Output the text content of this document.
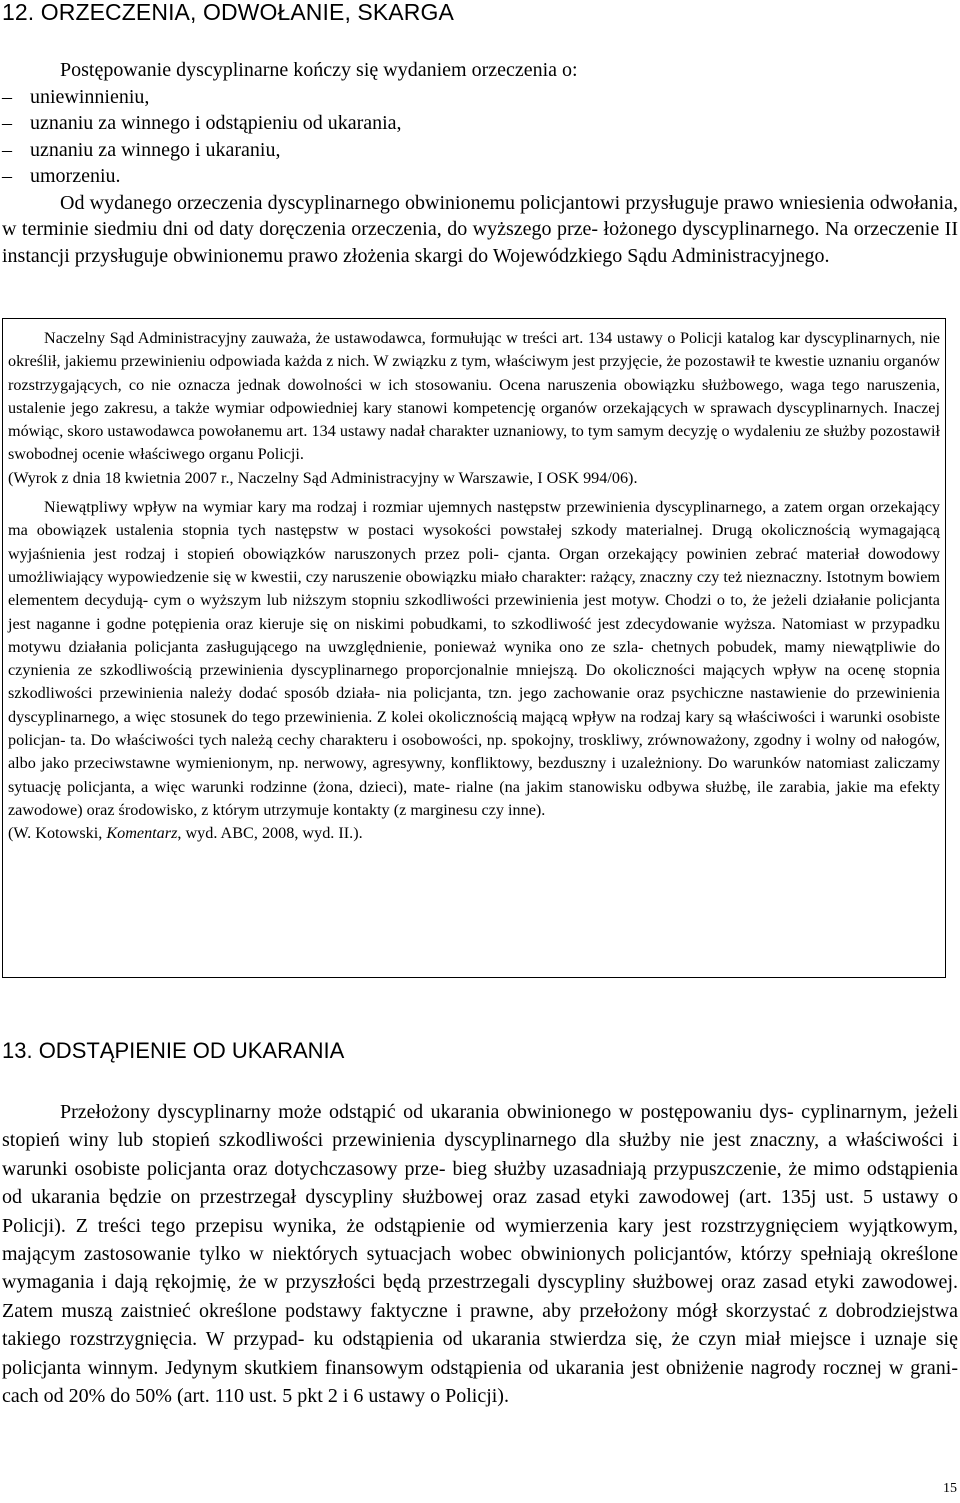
12. ORZECZENIA, ODWOŁANIE, SKARGA

Postępowanie dyscyplinarne kończy się wydaniem orzeczenia o:

– uniewinnieniu,
– uznaniu za winnego i odstąpieniu od ukarania,
– uznaniu za winnego i ukaraniu,
– umorzeniu.

Od wydanego orzeczenia dyscyplinarnego obwinionemu policjantowi przysługuje prawo wniesienia odwołania, w terminie siedmiu dni od daty doręczenia orzeczenia, do wyższego prze- łożonego dyscyplinarnego. Na orzeczenie II instancji przysługuje obwinionemu prawo złożenia skargi do Wojewódzkiego Sądu Administracyjnego.

Naczelny Sąd Administracyjny zauważa, że ustawodawca, formułując w treści art. 134 ustawy o Policji katalog kar dyscyplinarnych, nie określił, jakiemu przewinieniu odpowiada każda z nich. W związku z tym, właściwym jest przyjęcie, że pozostawił te kwestie uznaniu organów rozstrzygających, co nie oznacza jednak dowolności w ich stosowaniu. Ocena naruszenia obowiązku służbowego, waga tego naruszenia, ustalenie jego zakresu, a także wymiar odpowiedniej kary stanowi kompetencję organów orzekających w sprawach dyscyplinarnych. Inaczej mówiąc, skoro ustawodawca powołanemu art. 134 ustawy nadał charakter uznaniowy, to tym samym decyzję o wydaleniu ze służby pozostawił swobodnej ocenie właściwego organu Policji.

(Wyrok z dnia 18 kwietnia 2007 r., Naczelny Sąd Administracyjny w Warszawie, I OSK 994/06).

Niewątpliwy wpływ na wymiar kary ma rodzaj i rozmiar ujemnych następstw przewinienia dyscyplinarnego, a zatem organ orzekający ma obowiązek ustalenia stopnia tych następstw w postaci wysokości powstałej szkody materialnej. Drugą okolicznością wymagającą wyjaśnienia jest rodzaj i stopień obowiązków naruszonych przez poli- cjanta. Organ orzekający powinien zebrać materiał dowodowy umożliwiający wypowiedzenie się w kwestii, czy naruszenie obowiązku miało charakter: rażący, znaczny czy też nieznaczny. Istotnym bowiem elementem decydują- cym o wyższym lub niższym stopniu szkodliwości przewinienia jest motyw. Chodzi o to, że jeżeli działanie policjanta jest naganne i godne potępienia oraz kieruje się on niskimi pobudkami, to szkodliwość jest zdecydowanie wyższa. Natomiast w przypadku motywu działania policjanta zasługującego na uwzględnienie, ponieważ wynika ono ze szla- chetnych pobudek, mamy niewątpliwie do czynienia ze szkodliwością przewinienia dyscyplinarnego proporcjonalnie mniejszą. Do okoliczności mających wpływ na ocenę stopnia szkodliwości przewinienia należy dodać sposób działa- nia policjanta, tzn. jego zachowanie oraz psychiczne nastawienie do przewinienia dyscyplinarnego, a więc stosunek do tego przewinienia. Z kolei okolicznością mającą wpływ na rodzaj kary są właściwości i warunki osobiste policjan- ta. Do właściwości tych należą cechy charakteru i osobowości, np. spokojny, troskliwy, zrównoważony, zgodny i wolny od nałogów, albo jako przeciwstawne wymienionym, np. nerwowy, agresywny, konfliktowy, bezduszny i uzależniony. Do warunków natomiast zaliczamy sytuację policjanta, a więc warunki rodzinne (żona, dzieci), mate- rialne (na jakim stanowisku odbywa służbę, ile zarabia, jakie ma efekty zawodowe) oraz środowisko, z którym utrzymuje kontakty (z marginesu czy inne).

(W. Kotowski, Komentarz, wyd. ABC, 2008, wyd. II.).

13. ODSTĄPIENIE OD UKARANIA

Przełożony dyscyplinarny może odstąpić od ukarania obwinionego w postępowaniu dys- cyplinarnym, jeżeli stopień winy lub stopień szkodliwości przewinienia dyscyplinarnego dla służby nie jest znaczny, a właściwości i warunki osobiste policjanta oraz dotychczasowy prze- bieg służby uzasadniają przypuszczenie, że mimo odstąpienia od ukarania będzie on przestrzegał dyscypliny służbowej oraz zasad etyki zawodowej (art. 135j ust. 5 ustawy o Policji). Z treści tego przepisu wynika, że odstąpienie od wymierzenia kary jest rozstrzygnięciem wyjątkowym, mającym zastosowanie tylko w niektórych sytuacjach wobec obwinionych policjantów, którzy spełniają określone wymagania i dają rękojmię, że w przyszłości będą przestrzegali dyscypliny służbowej oraz zasad etyki zawodowej. Zatem muszą zaistnieć określone podstawy faktyczne i prawne, aby przełożony mógł skorzystać z dobrodziejstwa takiego rozstrzygnięcia. W przypad- ku odstąpienia od ukarania stwierdza się, że czyn miał miejsce i uznaje się policjanta winnym. Jedynym skutkiem finansowym odstąpienia od ukarania jest obniżenie nagrody rocznej w grani- cach od 20% do 50% (art. 110 ust. 5 pkt 2 i 6 ustawy o Policji).

15
